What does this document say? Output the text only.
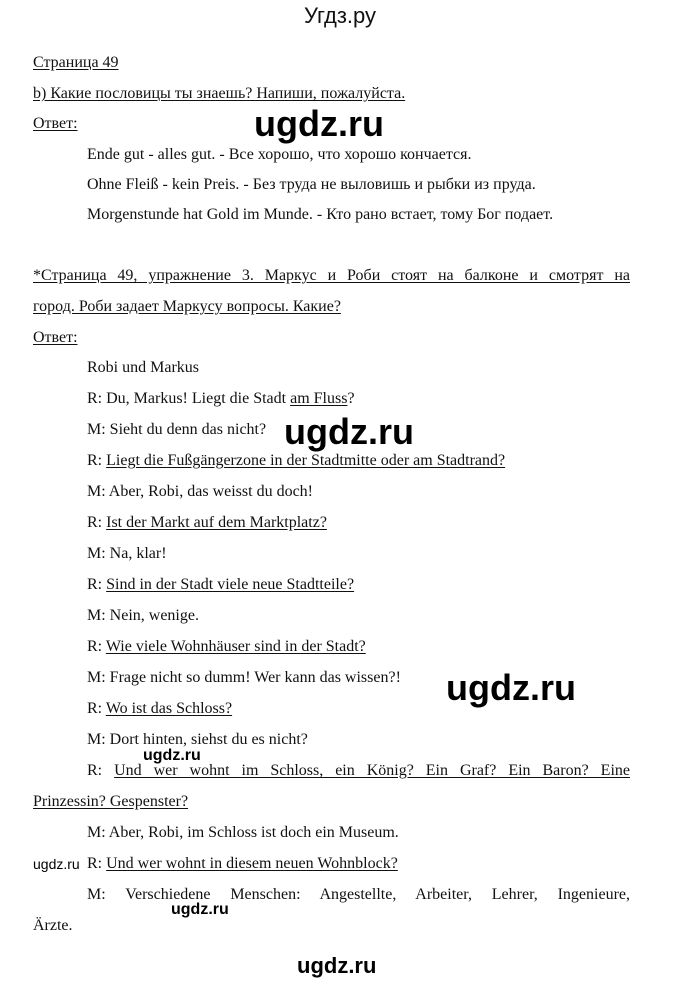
Угдз.ру
Страница 49
b) Какие пословицы ты знаешь? Напиши, пожалуйста.
Ответ:	ugdz.ru
Ende gut - alles gut. - Все хорошо, что хорошо кончается.
Ohne Fleiß - kein Preis. - Без труда не выловишь и рыбки из пруда.
Morgenstunde hat Gold im Munde. - Кто рано встает, тому Бог подает.
*Страница 49, упражнение 3. Маркус и Роби стоят на балконе и смотрят на
город. Роби задает Маркусу вопросы. Какие?
Ответ:
Robi und Markus
R: Du, Markus! Liegt die Stadt am Fluss?
M: Sieht du denn das nicht? ugdz.ru
R: Liegt die Fußgängerzone in der Stadtmitte oder am Stadtrand?
M: Aber, Robi, das weisst du doch!
R: Ist der Markt auf dem Marktplatz?
M: Na, klar!
R: Sind in der Stadt viele neue Stadtteile?
M: Nein, wenige.
R: Wie viele Wohnhäuser sind in der Stadt?
M: Frage nicht so dumm! Wer kann das wissen?! ugdz.ru
R: Wo ist das Schloss?
M: Dort hinten, siehst du es nicht?
ugdz.ru
R: Und wer wohnt im Schloss, ein König? Ein Graf? Ein Baron? Eine
Prinzessin? Gespenster?
M: Aber, Robi, im Schloss ist doch ein Museum.
ugdz.ru R: Und wer wohnt in diesem neuen Wohnblock?
M: Verschiedene Menschen: Angestellte, Arbeiter, Lehrer, Ingenieure,
ugdz.ru
Ärzte.
ugdz.ru
